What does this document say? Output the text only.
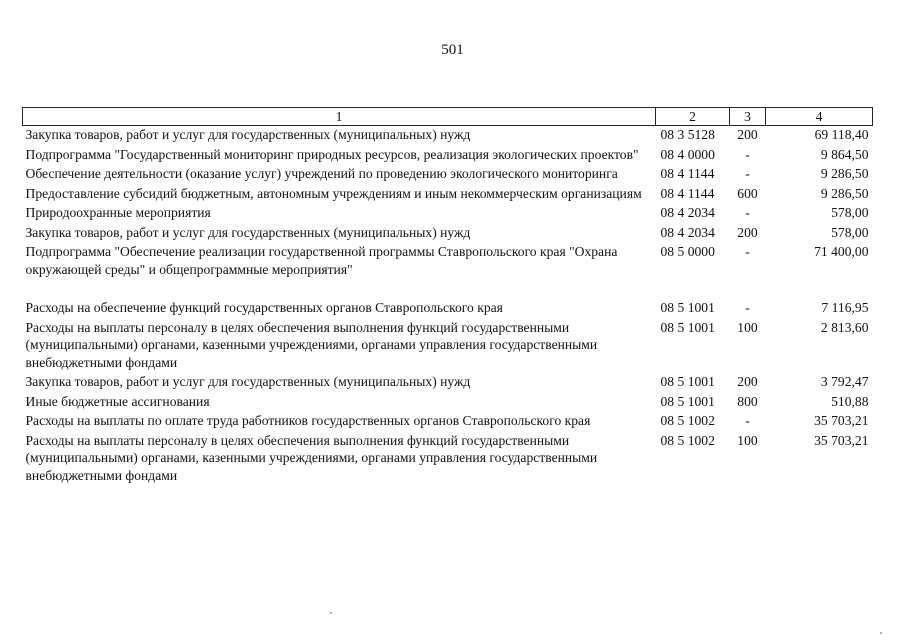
501
1	2	3	4
Закупка товаров, работ и услуг для государственных (муниципальных) нужд	08 3 5128	200	69 118,40
Подпрограмма "Государственный мониторинг природных ресурсов, реализация экологических проектов"	08 4 0000	-	9 864,50
Обеспечение деятельности (оказание услуг) учреждений по проведению экологического мониторинга	08 4 1144	-	9 286,50
Предоставление субсидий бюджетным, автономным учреждениям и иным некоммерческим организациям	08 4 1144	600	9 286,50
Природоохранные мероприятия	08 4 2034	-	578,00
Закупка товаров, работ и услуг для государственных (муниципальных) нужд	08 4 2034	200	578,00
Подпрограмма "Обеспечение реализации государственной программы Ставропольского края "Охрана окружающей среды" и общепрограммные мероприятия"	08 5 0000	-	71 400,00
Расходы на обеспечение функций государственных органов Ставропольского края	08 5 1001	-	7 116,95
Расходы на выплаты персоналу в целях обеспечения выполнения функций государственными (муниципальными) органами, казенными учреждениями, органами управления государственными внебюджетными фондами	08 5 1001	100	2 813,60
Закупка товаров, работ и услуг для государственных (муниципальных) нужд	08 5 1001	200	3 792,47
Иные бюджетные ассигнования	08 5 1001	800	510,88
Расходы на выплаты по оплате труда работников государственных органов Ставропольского края	08 5 1002	-	35 703,21
Расходы на выплаты персоналу в целях обеспечения выполнения функций государственными (муниципальными) органами, казенными учреждениями, органами управления государственными внебюджетными фондами	08 5 1002	100	35 703,21
